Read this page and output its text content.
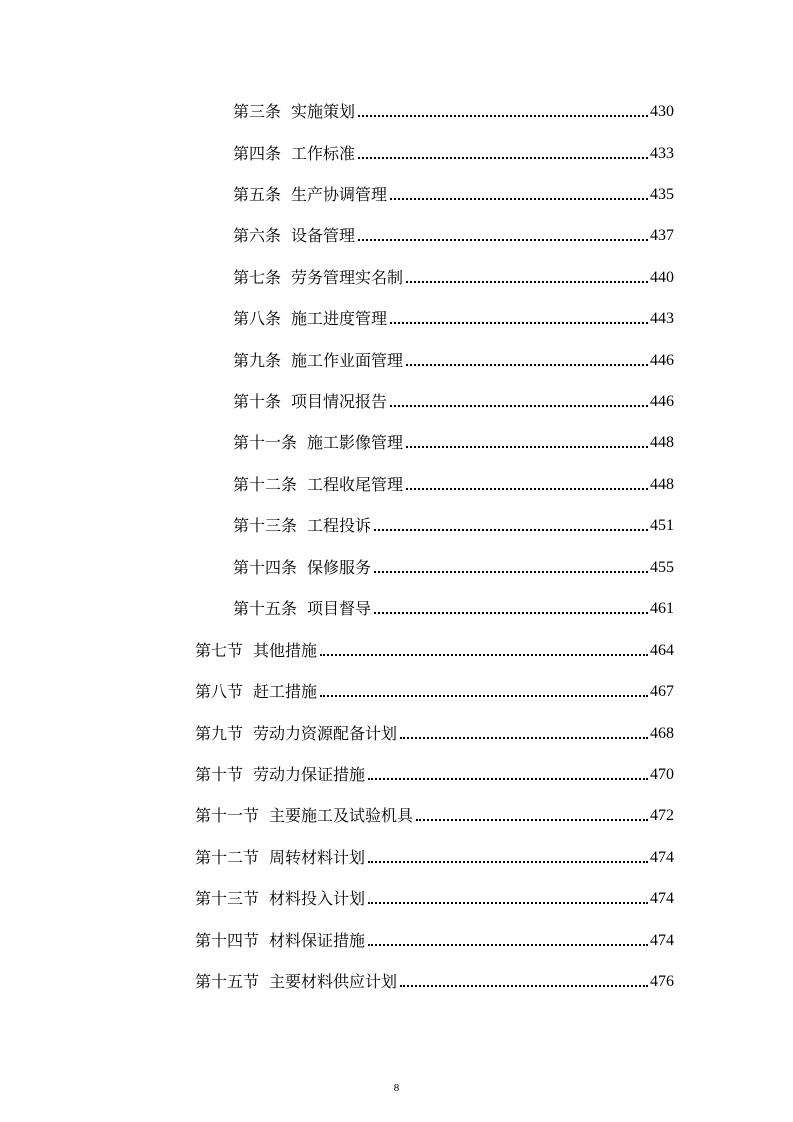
第三条 实施策划	430
第四条 工作标准	433
第五条 生产协调管理	435
第六条 设备管理	437
第七条 劳务管理实名制	440
第八条 施工进度管理	443
第九条 施工作业面管理	446
第十条 项目情况报告	446
第十一条 施工影像管理	448
第十二条 工程收尾管理	448
第十三条 工程投诉	451
第十四条 保修服务	455
第十五条 项目督导	461
第七节 其他措施	464
第八节 赶工措施	467
第九节 劳动力资源配备计划	468
第十节 劳动力保证措施	470
第十一节 主要施工及试验机具	472
第十二节 周转材料计划	474
第十三节 材料投入计划	474
第十四节 材料保证措施	474
第十五节 主要材料供应计划	476
8
